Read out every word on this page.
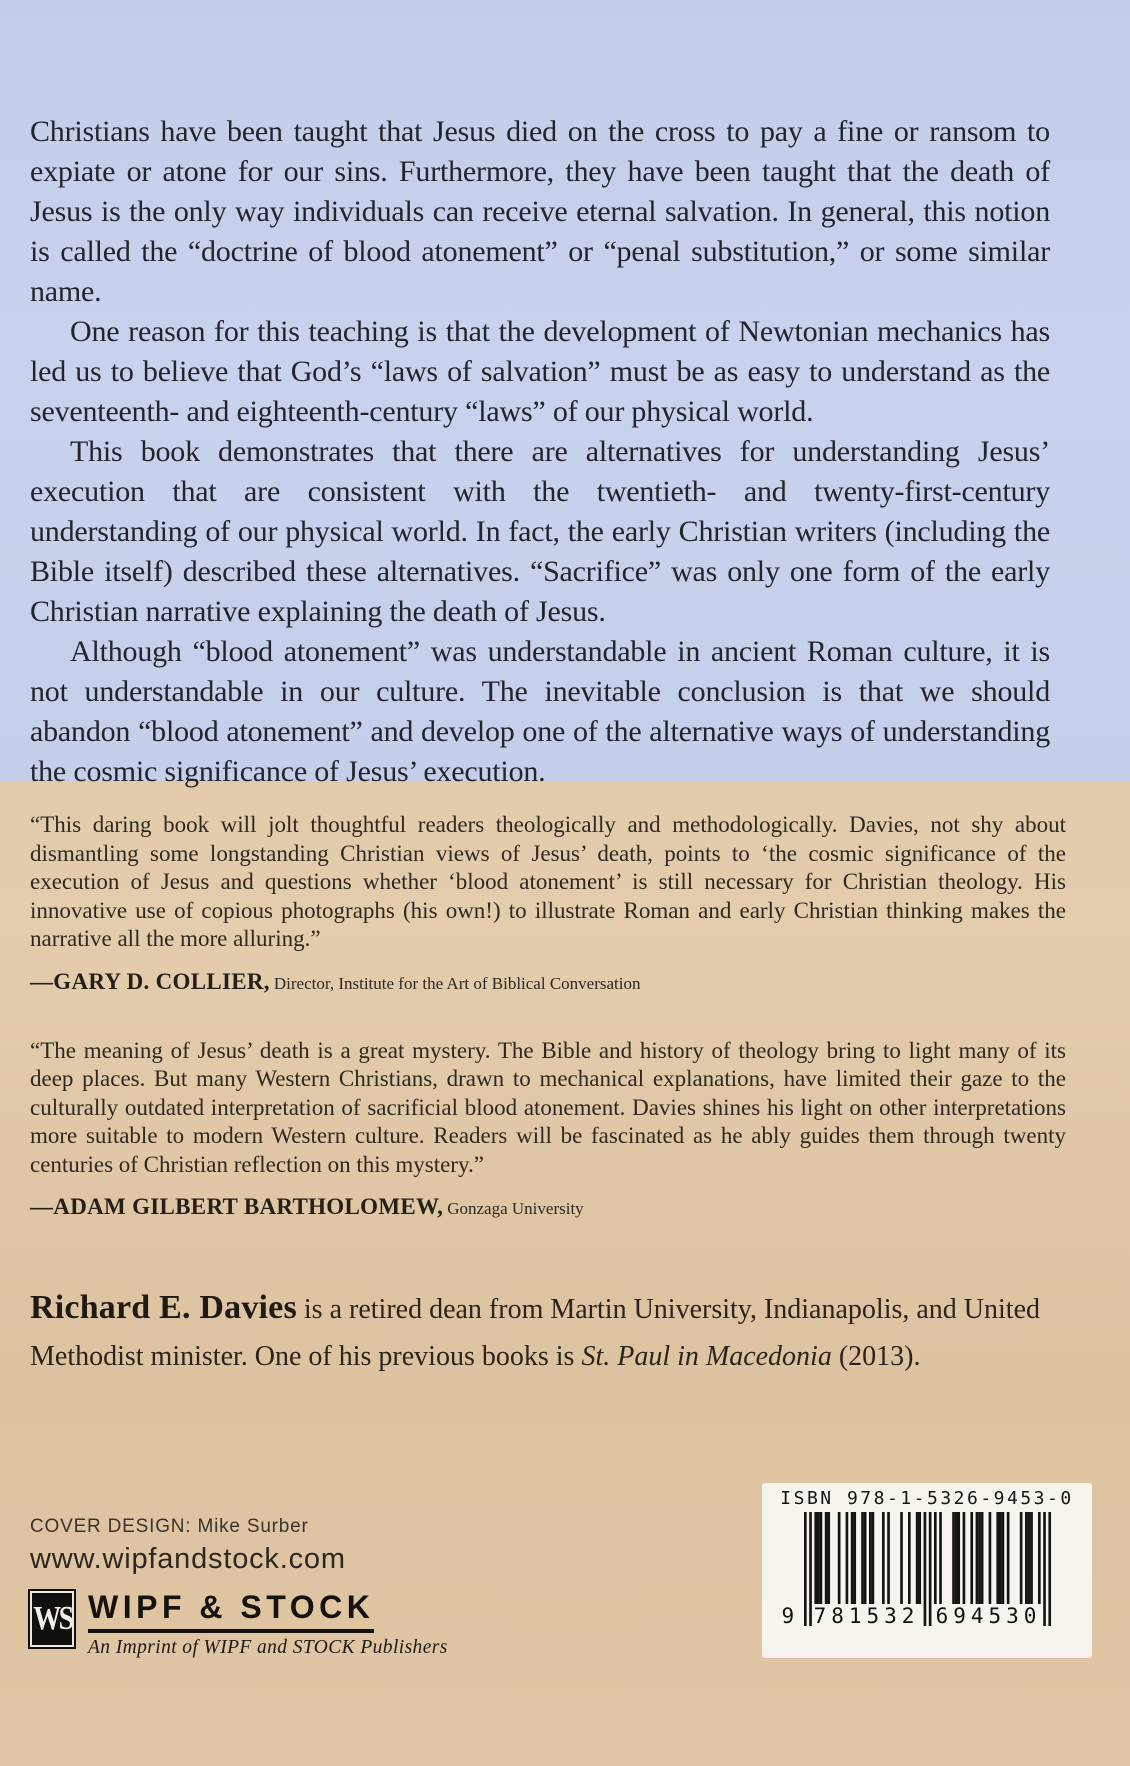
Christians have been taught that Jesus died on the cross to pay a fine or ransom to expiate or atone for our sins. Furthermore, they have been taught that the death of Jesus is the only way individuals can receive eternal salvation. In general, this notion is called the “doctrine of blood atonement” or “penal substitution,” or some similar name.

One reason for this teaching is that the development of Newtonian mechanics has led us to believe that God’s “laws of salvation” must be as easy to understand as the seventeenth- and eighteenth-century “laws” of our physical world.

This book demonstrates that there are alternatives for understanding Jesus’ execution that are consistent with the twentieth- and twenty-first-century understanding of our physical world. In fact, the early Christian writers (including the Bible itself) described these alternatives. “Sacrifice” was only one form of the early Christian narrative explaining the death of Jesus.

Although “blood atonement” was understandable in ancient Roman culture, it is not understandable in our culture. The inevitable conclusion is that we should abandon “blood atonement” and develop one of the alternative ways of understanding the cosmic significance of Jesus’ execution.

“This daring book will jolt thoughtful readers theologically and methodologically. Davies, not shy about dismantling some longstanding Christian views of Jesus’ death, points to ‘the cosmic significance of the execution of Jesus and questions whether ‘blood atonement’ is still necessary for Christian theology. His innovative use of copious photographs (his own!) to illustrate Roman and early Christian thinking makes the narrative all the more alluring.”

—GARY D. COLLIER, Director, Institute for the Art of Biblical Conversation

“The meaning of Jesus’ death is a great mystery. The Bible and history of theology bring to light many of its deep places. But many Western Christians, drawn to mechanical explanations, have limited their gaze to the culturally outdated interpretation of sacrificial blood atonement. Davies shines his light on other interpretations more suitable to modern Western culture. Readers will be fascinated as he ably guides them through twenty centuries of Christian reflection on this mystery.”

—ADAM GILBERT BARTHOLOMEW, Gonzaga University

Richard E. Davies is a retired dean from Martin University, Indianapolis, and United Methodist minister. One of his previous books is St. Paul in Macedonia (2013).

COVER DESIGN: Mike Surber
www.wipfandstock.com
WS WIPF & STOCK
An Imprint of WIPF and STOCK Publishers
ISBN 978-1-5326-9453-0
9 781532 694530
